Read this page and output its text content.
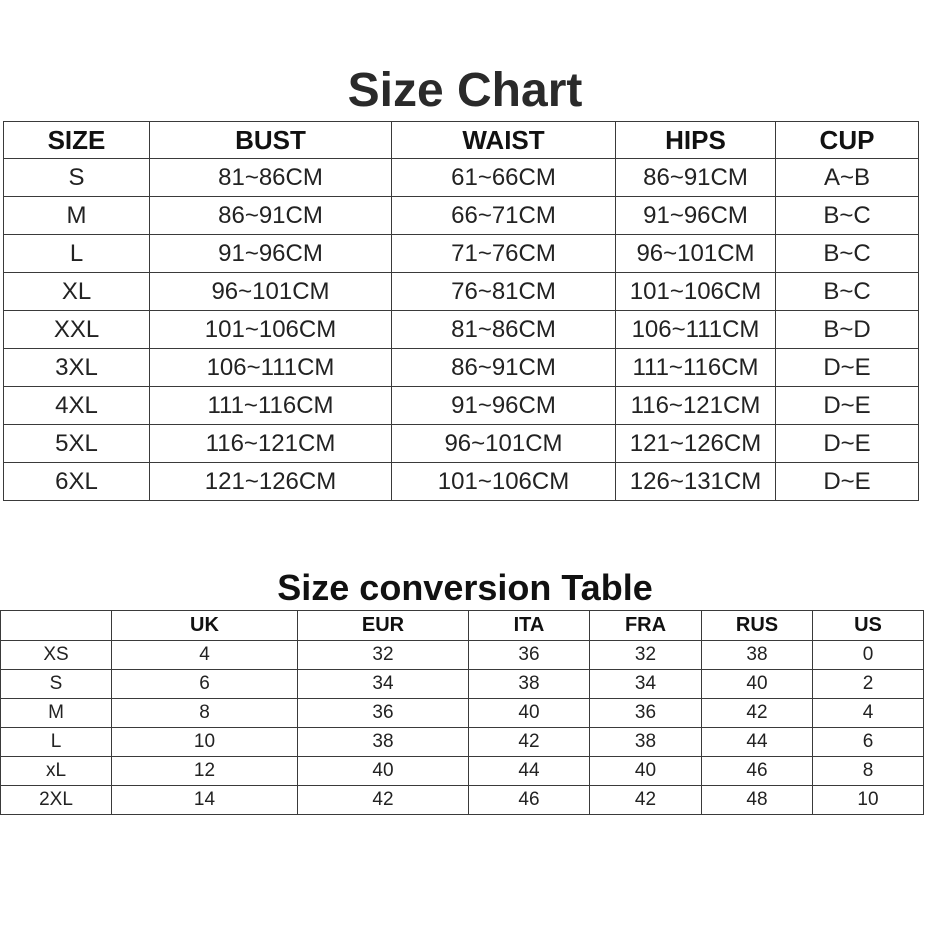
Size Chart
SIZE	BUST	WAIST	HIPS	CUP
S	81~86CM	61~66CM	86~91CM	A~B
M	86~91CM	66~71CM	91~96CM	B~C
L	91~96CM	71~76CM	96~101CM	B~C
XL	96~101CM	76~81CM	101~106CM	B~C
XXL	101~106CM	81~86CM	106~111CM	B~D
3XL	106~111CM	86~91CM	111~116CM	D~E
4XL	111~116CM	91~96CM	116~121CM	D~E
5XL	116~121CM	96~101CM	121~126CM	D~E
6XL	121~126CM	101~106CM	126~131CM	D~E
Size conversion Table
	UK	EUR	ITA	FRA	RUS	US
XS	4	32	36	32	38	0
S	6	34	38	34	40	2
M	8	36	40	36	42	4
L	10	38	42	38	44	6
xL	12	40	44	40	46	8
2XL	14	42	46	42	48	10
